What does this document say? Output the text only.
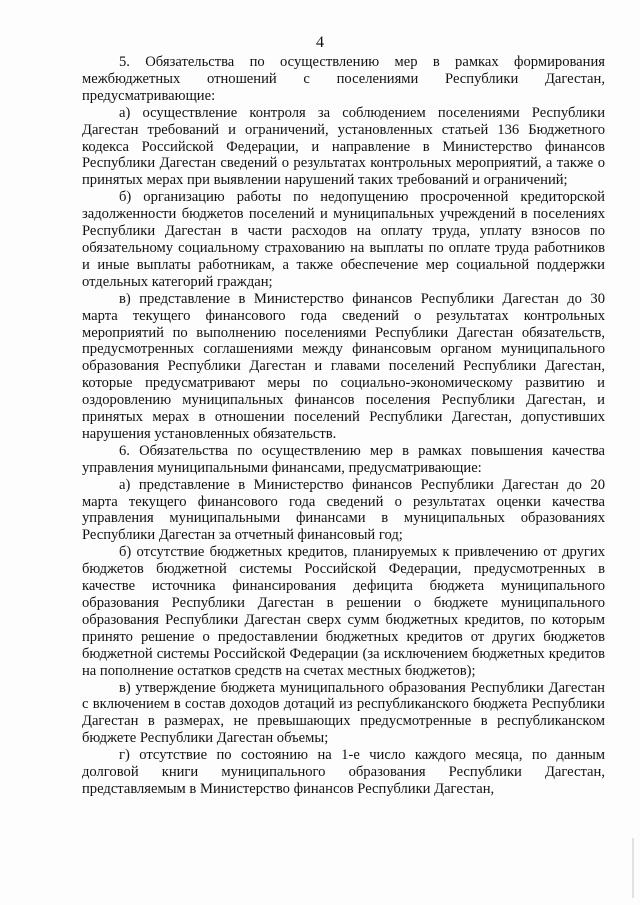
4

5. Обязательства по осуществлению мер в рамках формирования межбюджетных отношений с поселениями Республики Дагестан, предусматривающие:

а) осуществление контроля за соблюдением поселениями Республики Дагестан требований и ограничений, установленных статьей 136 Бюджетного кодекса Российской Федерации, и направление в Министерство финансов Республики Дагестан сведений о результатах контрольных мероприятий, а также о принятых мерах при выявлении нарушений таких требований и ограничений;

б) организацию работы по недопущению просроченной кредиторской задолженности бюджетов поселений и муниципальных учреждений в поселениях Республики Дагестан в части расходов на оплату труда, уплату взносов по обязательному социальному страхованию на выплаты по оплате труда работников и иные выплаты работникам, а также обеспечение мер социальной поддержки отдельных категорий граждан;

в) представление в Министерство финансов Республики Дагестан до 30 марта текущего финансового года сведений о результатах контрольных мероприятий по выполнению поселениями Республики Дагестан обязательств, предусмотренных соглашениями между финансовым органом муниципального образования Республики Дагестан и главами поселений Республики Дагестан, которые предусматривают меры по социально-экономическому развитию и оздоровлению муниципальных финансов поселения Республики Дагестан, и принятых мерах в отношении поселений Республики Дагестан, допустивших нарушения установленных обязательств.

6. Обязательства по осуществлению мер в рамках повышения качества управления муниципальными финансами, предусматривающие:

а) представление в Министерство финансов Республики Дагестан до 20 марта текущего финансового года сведений о результатах оценки качества управления муниципальными финансами в муниципальных образованиях Республики Дагестан за отчетный финансовый год;

б) отсутствие бюджетных кредитов, планируемых к привлечению от других бюджетов бюджетной системы Российской Федерации, предусмотренных в качестве источника финансирования дефицита бюджета муниципального образования Республики Дагестан в решении о бюджете муниципального образования Республики Дагестан сверх сумм бюджетных кредитов, по которым принято решение о предоставлении бюджетных кредитов от других бюджетов бюджетной системы Российской Федерации (за исключением бюджетных кредитов на пополнение остатков средств на счетах местных бюджетов);

в) утверждение бюджета муниципального образования Республики Дагестан с включением в состав доходов дотаций из республиканского бюджета Республики Дагестан в размерах, не превышающих предусмотренные в республиканском бюджете Республики Дагестан объемы;

г) отсутствие по состоянию на 1-е число каждого месяца, по данным долговой книги муниципального образования Республики Дагестан, представляемым в Министерство финансов Республики Дагестан,
